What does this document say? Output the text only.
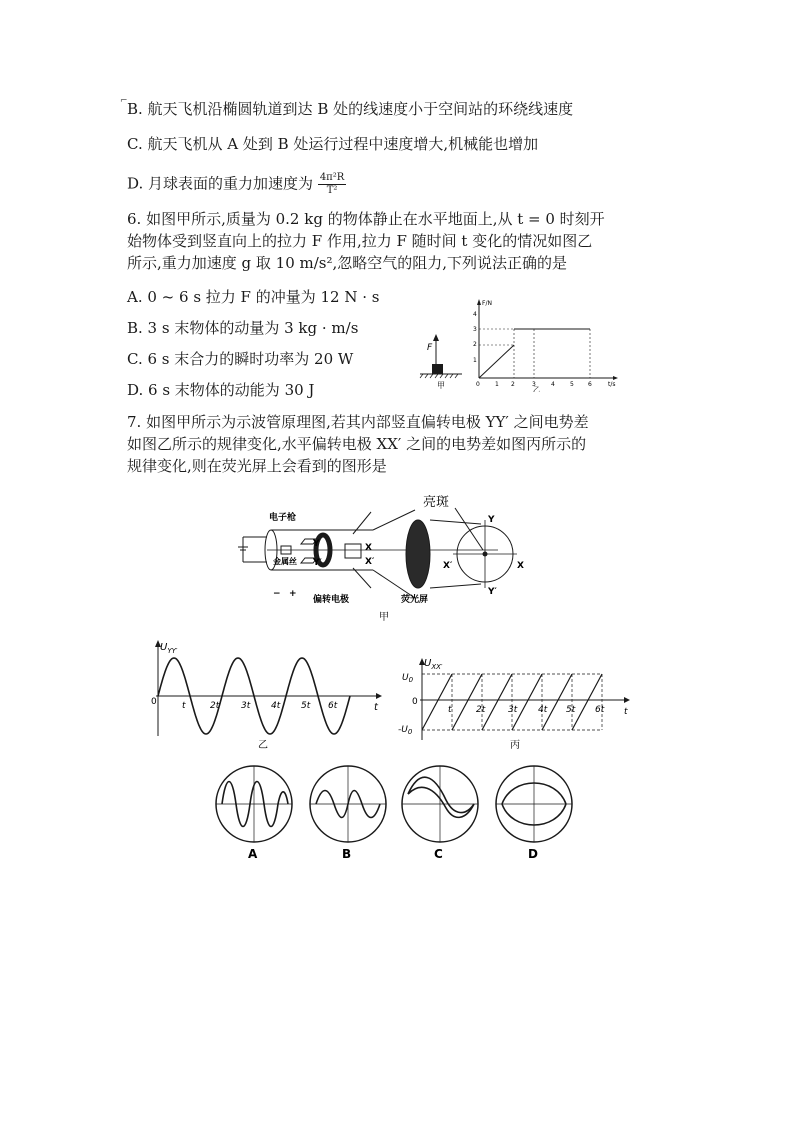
⌐ B. 航天飞机沿椭圆轨道到达 B 处的线速度小于空间站的环绕线速度
C. 航天飞机从 A 处到 B 处运行过程中速度增大,机械能也增加
D. 月球表面的重力加速度为 $\frac{\text{4π²R}}{\text{T²}}$
6. 如图甲所示,质量为 0.2 kg 的物体静止在水平地面上,从 t = 0 时刻开
始物体受到竖直向上的拉力 F 作用,拉力 F 随时间 t 变化的情况如图乙
所示,重力加速度 g 取 10 m/s²,忽略空气的阻力,下列说法正确的是
A. 0 ~ 6 s 拉力 F 的冲量为 12 N · s
B. 3 s 末物体的动量为 3 kg · m/s
C. 6 s 末合力的瞬时功率为 20 W
D. 6 s 末物体的动能为 30 J
F
甲
F/N
t/s
1
2
3
4
0	1 2	3	4	5 6
乙
7. 如图甲所示为示波管原理图,若其内部竖直偏转电极 YY′ 之间电势差
如图乙所示的规律变化,水平偏转电极 XX′ 之间的电势差如图丙所示的
规律变化,则在荧光屏上会看到的图形是
电子枪
金属丝
偏转电极	荧光屏
亮斑
Y
Y′
X
X′
Y
Y′
X′	X
− +
甲
$U_{YY'}$
0	t
t	2t 3t 4t 5t 6t
乙
$U_{XX'}$
$U_0$
0
$-U_0$
t	2t	3t 4t 5t 6t t
丙
A	B	C	D
